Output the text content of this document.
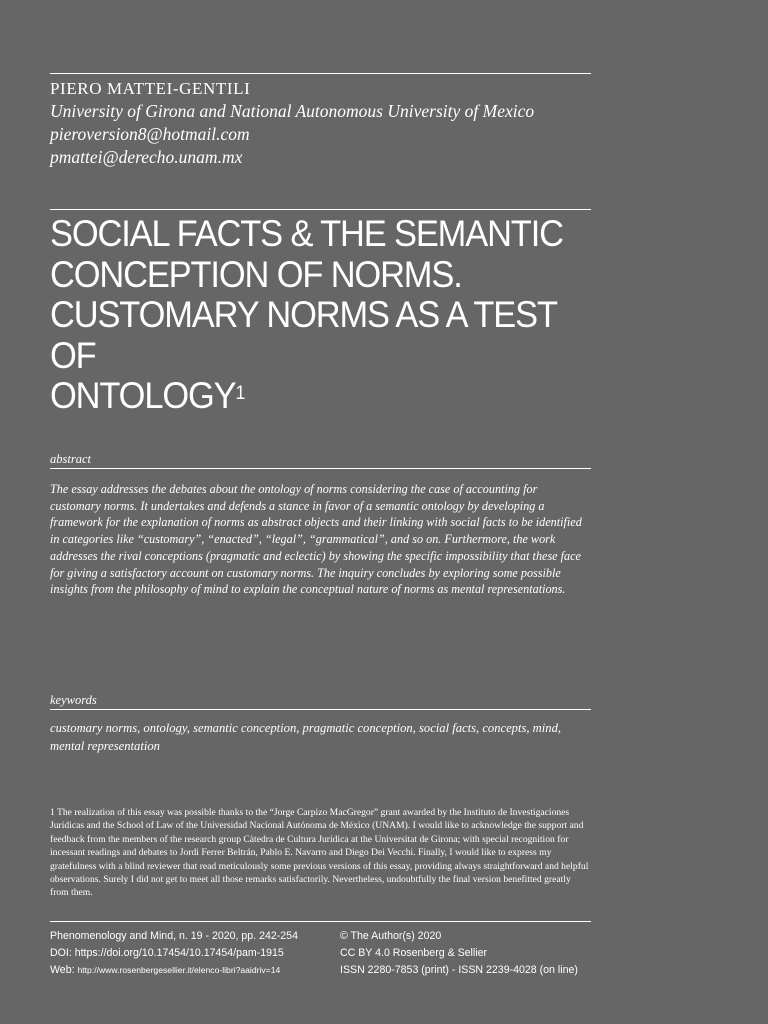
PIERO MATTEI-GENTILI

University of Girona and National Autonomous University of Mexico

pieroversion8@hotmail.com

pmattei@derecho.unam.mx

SOCIAL FACTS & THE SEMANTIC
CONCEPTION OF NORMS.
CUSTOMARY NORMS AS A TEST OF
ONTOLOGY$^1$

abstract

The essay addresses the debates about the ontology of norms considering the case of accounting for customary norms. It undertakes and defends a stance in favor of a semantic ontology by developing a framework for the explanation of norms as abstract objects and their linking with social facts to be identified in categories like “customary”, “enacted”, “legal”, “grammatical”, and so on. Furthermore, the work addresses the rival conceptions (pragmatic and eclectic) by showing the specific impossibility that these face for giving a satisfactory account on customary norms. The inquiry concludes by exploring some possible insights from the philosophy of mind to explain the conceptual nature of norms as mental representations.

keywords

customary norms, ontology, semantic conception, pragmatic conception, social facts, concepts, mind, mental representation

1 The realization of this essay was possible thanks to the “Jorge Carpizo MacGregor” grant awarded by the Instituto de Investigaciones Jurídicas and the School of Law of the Universidad Nacional Autónoma de México (UNAM). I would like to acknowledge the support and feedback from the members of the research group Càtedra de Cultura Jurídica at the Universitat de Girona; with special recognition for incessant readings and debates to Jordi Ferrer Beltrán, Pablo E. Navarro and Diego Dei Vecchi. Finally, I would like to express my gratefulness with a blind reviewer that read meticulously some previous versions of this essay, providing always straightforward and helpful observations. Surely I did not get to meet all those remarks satisfactorily. Nevertheless, undoubtfully the final version benefitted greatly from them.

Phenomenology and Mind, n. 19 - 2020, pp. 242-254

DOI: https://doi.org/10.17454/10.17454/pam-1915

Web: http://www.rosenbergesellier.it/elenco-libri?aaidriv=14

© The Author(s) 2020

CC BY 4.0 Rosenberg & Sellier

ISSN 2280-7853 (print) - ISSN 2239-4028 (on line)
